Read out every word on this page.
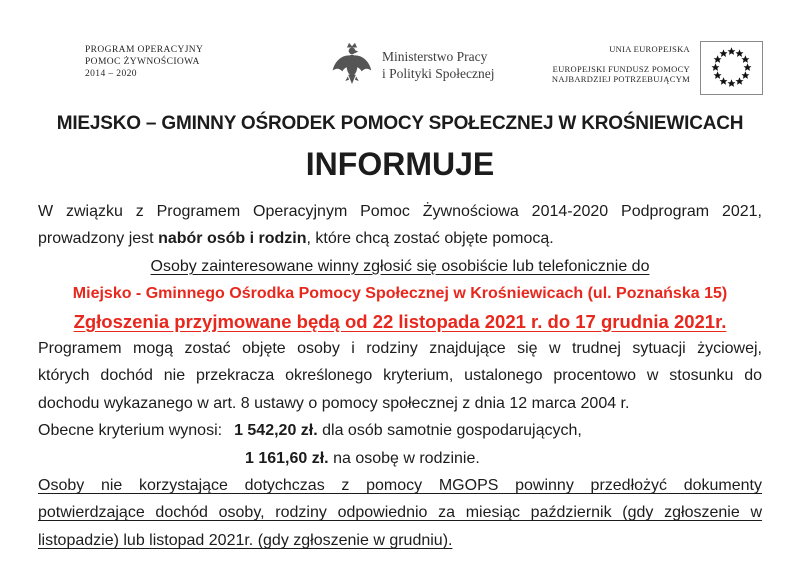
PROGRAM OPERACYJNY
POMOC ŻYWNOŚCIOWA
2014 – 2020
Ministerstwo Pracy
i Polityki Społecznej
UNIA EUROPEJSKA
EUROPEJSKI FUNDUSZ POMOCY
NAJBARDZIEJ POTRZEBUJĄCYM
MIEJSKO – GMINNY OŚRODEK POMOCY SPOŁECZNEJ W KROŚNIEWICACH
INFORMUJE
W związku z Programem Operacyjnym Pomoc Żywnościowa 2014-2020 Podprogram 2021,
prowadzony jest nabór osób i rodzin, które chcą zostać objęte pomocą.
Osoby zainteresowane winny zgłosić się osobiście lub telefonicznie do
Miejsko - Gminnego Ośrodka Pomocy Społecznej w Krośniewicach (ul. Poznańska 15)
Zgłoszenia przyjmowane będą od 22 listopada 2021 r. do 17 grudnia 2021r.
Programem mogą zostać objęte osoby i rodziny znajdujące się w trudnej sytuacji życiowej,
których dochód nie przekracza określonego kryterium, ustalonego procentowo w stosunku do
dochodu wykazanego w art. 8 ustawy o pomocy społecznej z dnia 12 marca 2004 r.
Obecne kryterium wynosi: 1 542,20 zł. dla osób samotnie gospodarujących,
1 161,60 zł. na osobę w rodzinie.
Osoby nie korzystające dotychczas z pomocy MGOPS powinny przedłożyć dokumenty
potwierdzające dochód osoby, rodziny odpowiednio za miesiąc październik (gdy zgłoszenie w
listopadzie) lub listopad 2021r. (gdy zgłoszenie w grudniu).
